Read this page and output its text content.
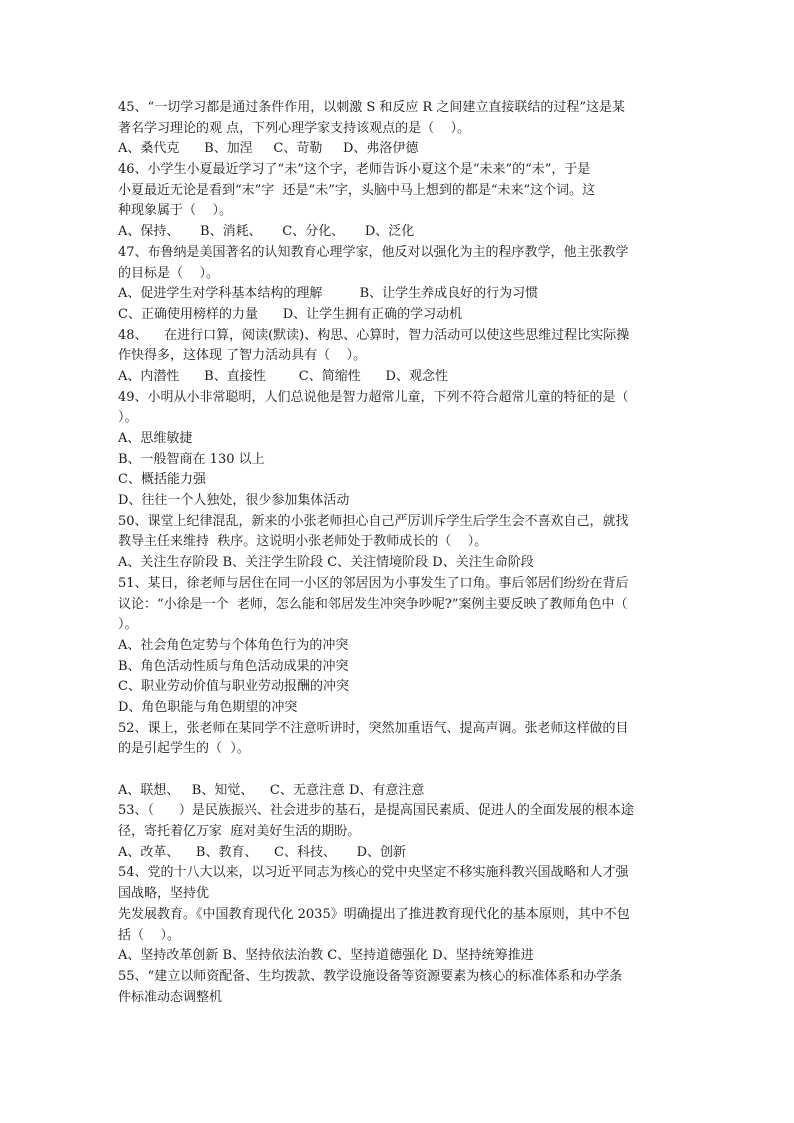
45、“一切学习都是通过条件作用，以刺激 S 和反应 R 之间建立直接联结的过程”这是某
著名学习理论的观 点，下列心理学家支持该观点的是（    ）。
A、桑代克      B、加涅     C、苛勒     D、弗洛伊德
46、小学生小夏最近学习了“未”这个字，老师告诉小夏这个是“未来”的“未”，于是
小夏最近无论是看到“末”字  还是“未”字，头脑中马上想到的都是“未来”这个词。这
种现象属于（    ）。
A、保持、     B、消耗、     C、分化、     D、泛化
47、布鲁纳是美国著名的认知教育心理学家，他反对以强化为主的程序教学，他主张教学
的目标是（    ）。
A、促进学生对学科基本结构的理解         B、让学生养成良好的行为习惯
C、正确使用榜样的力量      D、让学生拥有正确的学习动机
48、    在进行口算，阅读(默读)、构思、心算时，智力活动可以使这些思维过程比实际操
作快得多，这体现 了智力活动具有（    ）。
A、内潜性      B、直接性        C、简缩性      D、观念性
49、小明从小非常聪明，人们总说他是智力超常儿童，下列不符合超常儿童的特征的是（
）。
A、思维敏捷
B、一般智商在 130 以上
C、概括能力强
D、往往一个人独处，很少参加集体活动
50、课堂上纪律混乱，新来的小张老师担心自己严厉训斥学生后学生会不喜欢自己，就找
教导主任来维持  秩序。这说明小张老师处于教师成长的（    ）。
A、关注生存阶段 B、关注学生阶段 C、关注情境阶段 D、关注生命阶段
51、某日，徐老师与居住在同一小区的邻居因为小事发生了口角。事后邻居们纷纷在背后
议论：“小徐是一个  老师，怎么能和邻居发生冲突争吵呢?”案例主要反映了教师角色中（
）。
A、社会角色定势与个体角色行为的冲突
B、角色活动性质与角色活动成果的冲突
C、职业劳动价值与职业劳动报酬的冲突
D、角色职能与角色期望的冲突
52、课上，张老师在某同学不注意听讲时，突然加重语气、提高声调。张老师这样做的目
的是引起学生的（  ）。
A、联想、   B、知觉、    C、无意注意 D、有意注意
53、（      ）是民族振兴、社会进步的基石，是提高国民素质、促进人的全面发展的根本途
径，寄托着亿万家  庭对美好生活的期盼。
A、改革、    B、教育、    C、科技、     D、创新
54、党的十八大以来，以习近平同志为核心的党中央坚定不移实施科教兴国战略和人才强
国战略，坚持优
先发展教育。《中国教育现代化 2035》明确提出了推进教育现代化的基本原则，其中不包
括（    ）。
A、坚持改革创新 B、坚持依法治教 C、坚持道德强化 D、坚持统筹推进
55、“建立以师资配备、生均拨款、教学设施设备等资源要素为核心的标准体系和办学条
件标准动态调整机
